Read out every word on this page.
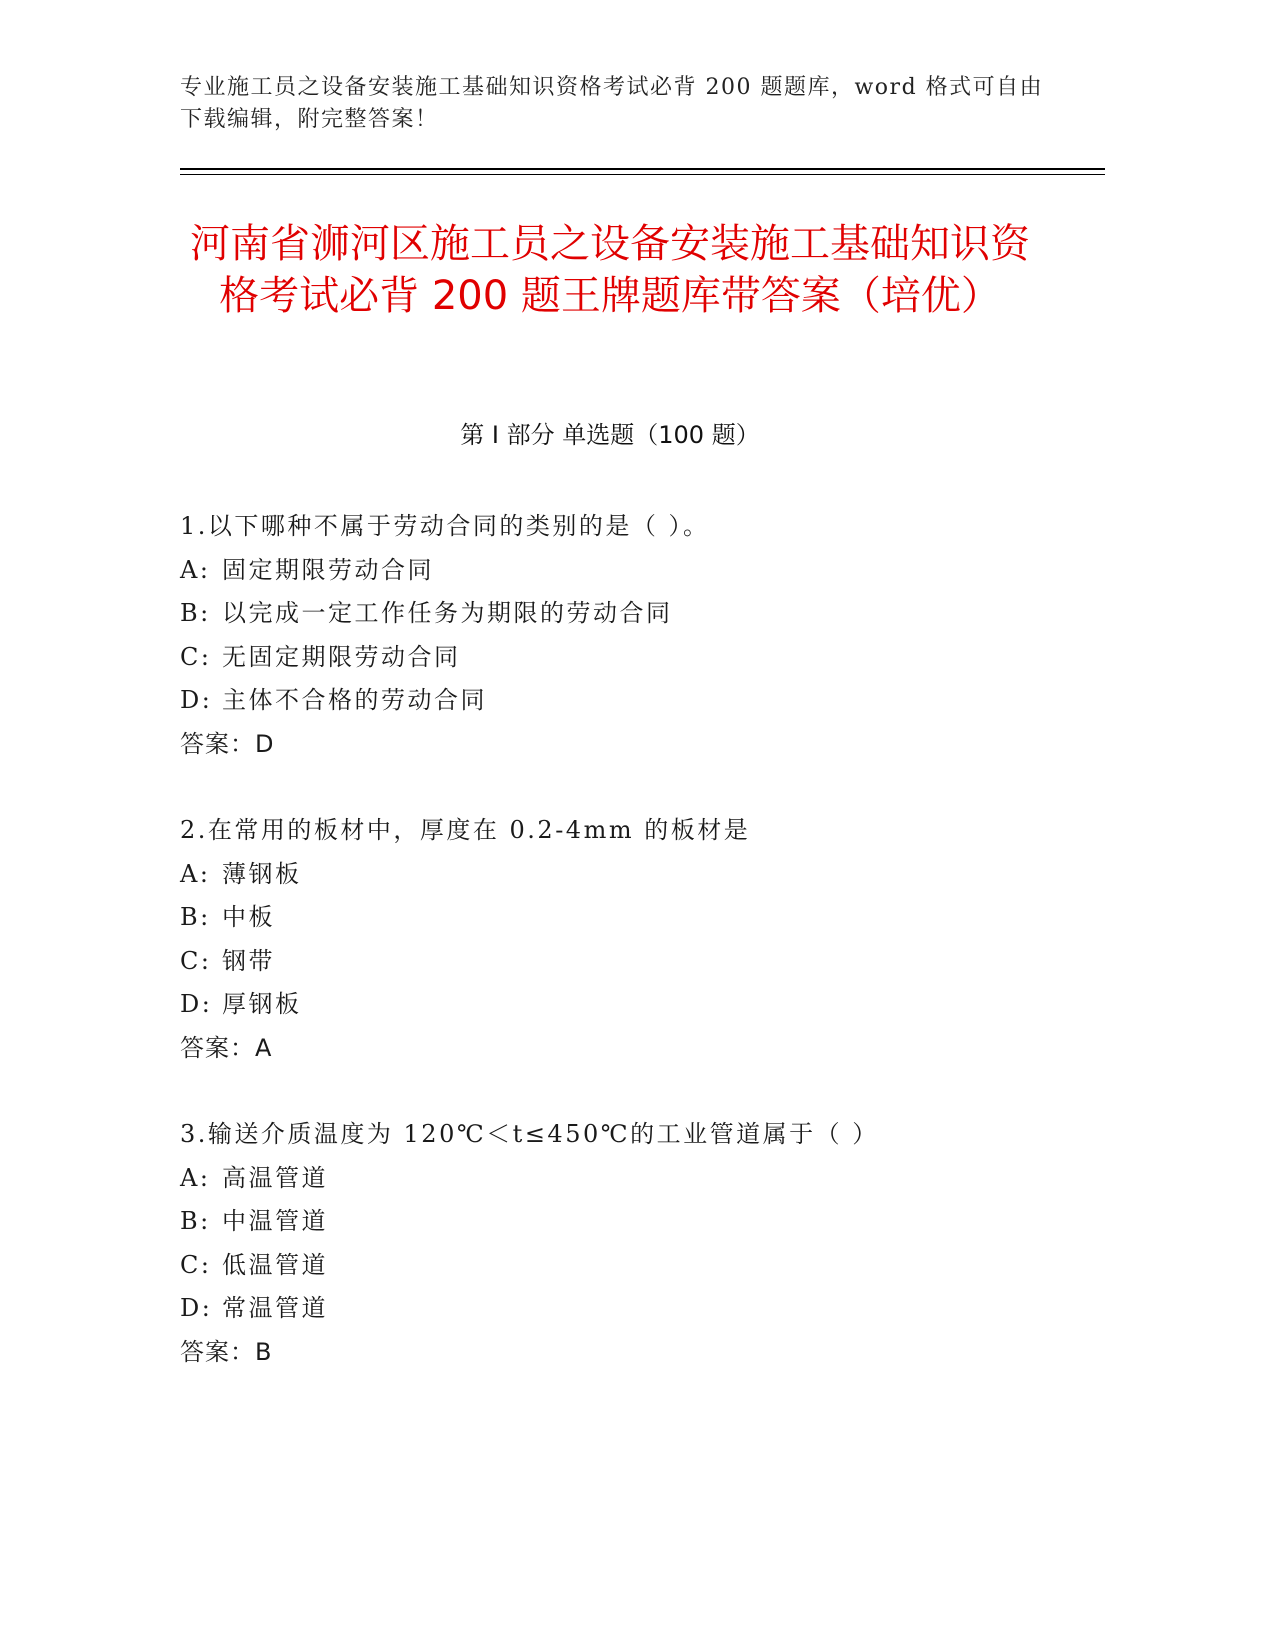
专业施工员之设备安装施工基础知识资格考试必背 200 题题库，word 格式可自由下载编辑，附完整答案！
河南省浉河区施工员之设备安装施工基础知识资格考试必背 200 题王牌题库带答案（培优）
第 I 部分 单选题（100 题）
1.以下哪种不属于劳动合同的类别的是（ ）。
A: 固定期限劳动合同
B: 以完成一定工作任务为期限的劳动合同
C: 无固定期限劳动合同
D: 主体不合格的劳动合同
答案：D
2.在常用的板材中，厚度在 0.2-4mm 的板材是
A: 薄钢板
B: 中板
C: 钢带
D: 厚钢板
答案：A
3.输送介质温度为 120℃＜t≤450℃的工业管道属于（ ）
A: 高温管道
B: 中温管道
C: 低温管道
D: 常温管道
答案：B
